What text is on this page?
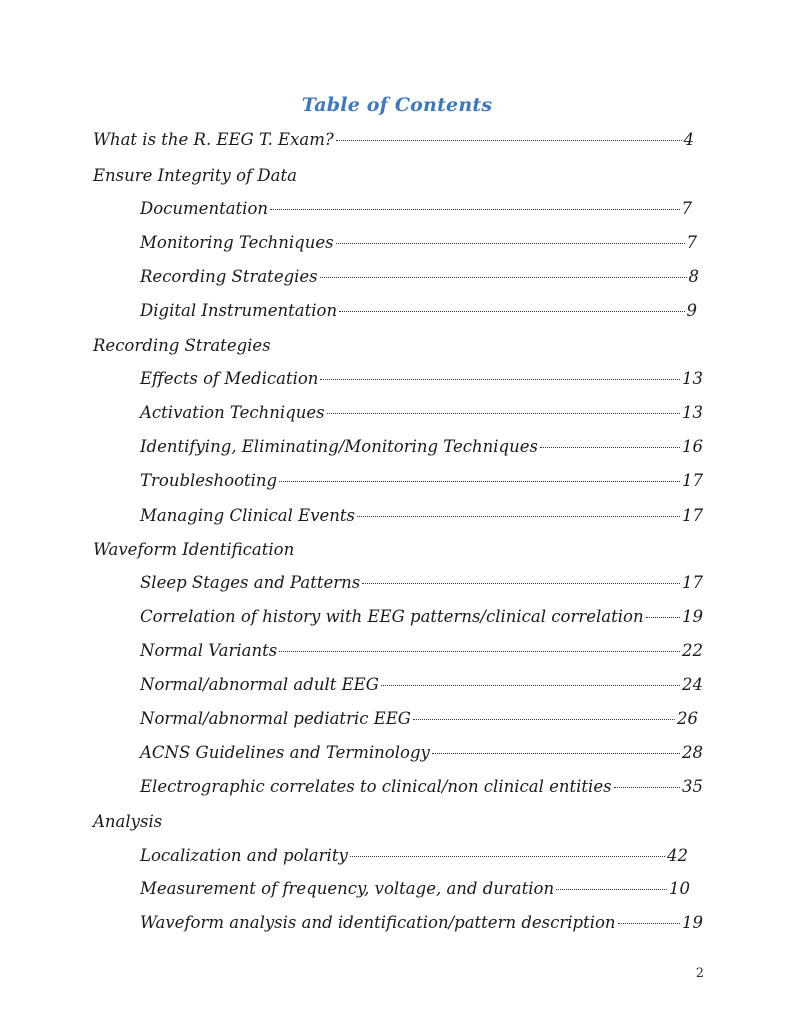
Table of Contents
What is the R. EEG T. Exam?	4
Ensure Integrity of Data
Documentation	7
Monitoring Techniques	7
Recording Strategies	8
Digital Instrumentation	9
Recording Strategies
Effects of Medication	13
Activation Techniques	13
Identifying, Eliminating/Monitoring Techniques	16
Troubleshooting	17
Managing Clinical Events	17
Waveform Identification
Sleep Stages and Patterns	17
Correlation of history with EEG patterns/clinical correlation 19
Normal Variants	22
Normal/abnormal adult EEG	24
Normal/abnormal pediatric EEG	26
ACNS Guidelines and Terminology	28
Electrographic correlates to clinical/non clinical entities	35
Analysis
Localization and polarity	42
Measurement of frequency, voltage, and duration	10
Waveform analysis and identification/pattern description	19
2
